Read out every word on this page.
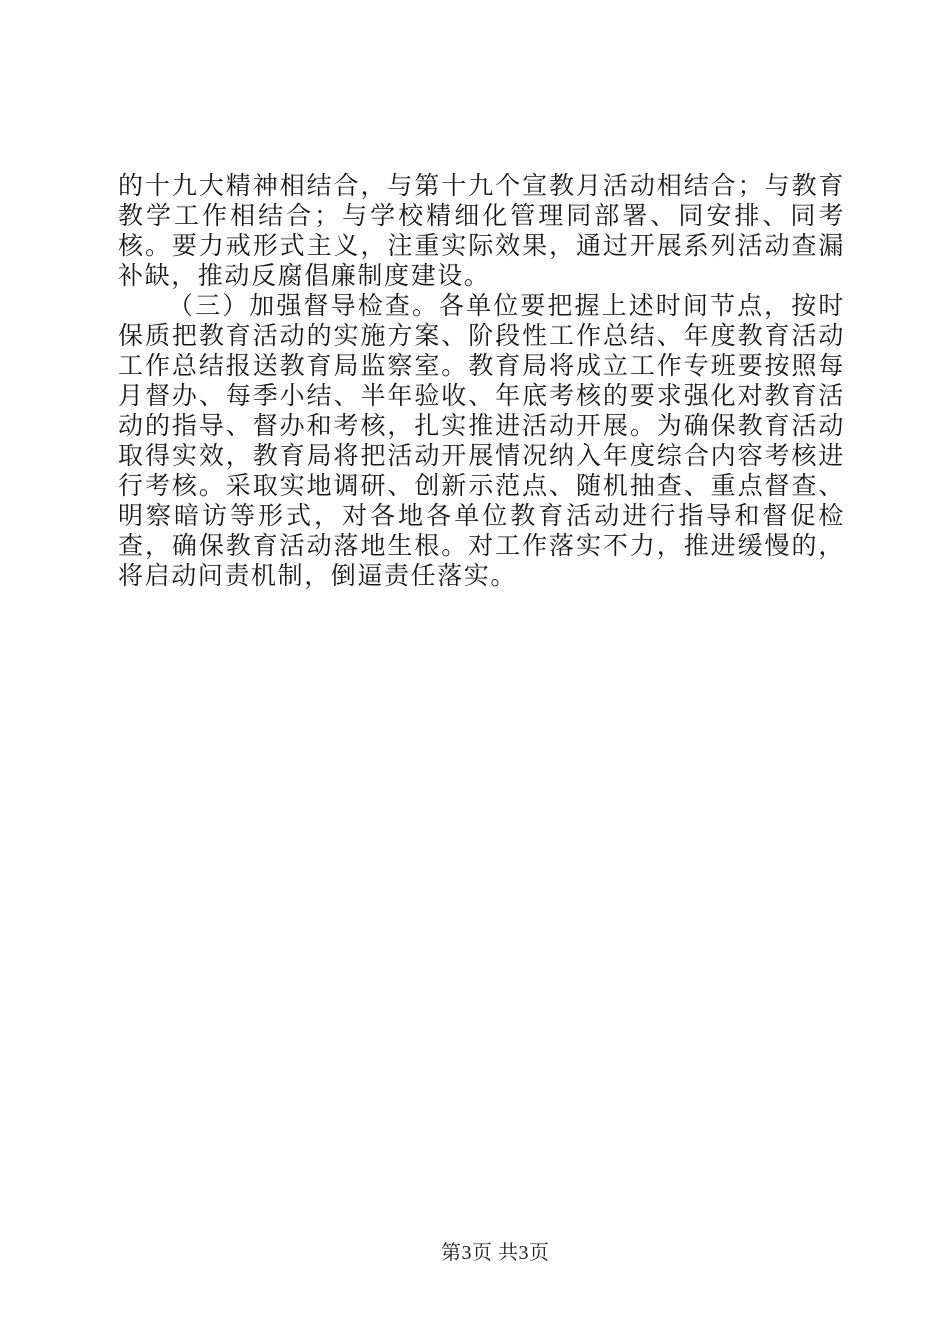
的十九大精神相结合，与第十九个宣教月活动相结合；与教育教学工作相结合；与学校精细化管理同部署、同安排、同考核。要力戒形式主义，注重实际效果，通过开展系列活动查漏补缺，推动反腐倡廉制度建设。

（三）加强督导检查。各单位要把握上述时间节点，按时保质把教育活动的实施方案、阶段性工作总结、年度教育活动工作总结报送教育局监察室。教育局将成立工作专班要按照每月督办、每季小结、半年验收、年底考核的要求强化对教育活动的指导、督办和考核，扎实推进活动开展。为确保教育活动取得实效，教育局将把活动开展情况纳入年度综合内容考核进行考核。采取实地调研、创新示范点、随机抽查、重点督查、明察暗访等形式，对各地各单位教育活动进行指导和督促检查，确保教育活动落地生根。对工作落实不力，推进缓慢的，将启动问责机制，倒逼责任落实。

第3页 共3页
